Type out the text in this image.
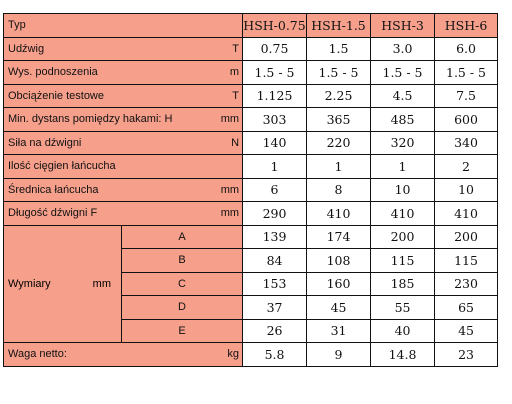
Typ		HSH-0.75	HSH-1.5	HSH-3	HSH-6

Udźwig T		0.75	1.5	3.0	6.0

Wys. podnoszenia m		1.5 - 5	1.5 - 5	1.5 - 5	1.5 - 5

Obciążenie testowe T		1.125	2.25	4.5	7.5

Min. dystans pomiędzy hakami: H mm		303	365	485	600

Siła na dźwigni N		140	220	320	340

Ilość cięgien łańcucha		1	1	1	2

Średnica łańcucha mm		6	8	10	10

Długość dźwigni F mm		290	410	410	410

Wymiary mm	A	139	174	200	200
	B	84	108	115	115
	C	153	160	185	230
	D	37	45	55	65
	E	26	31	40	45

Waga netto: kg		5.8	9	14.8	23
